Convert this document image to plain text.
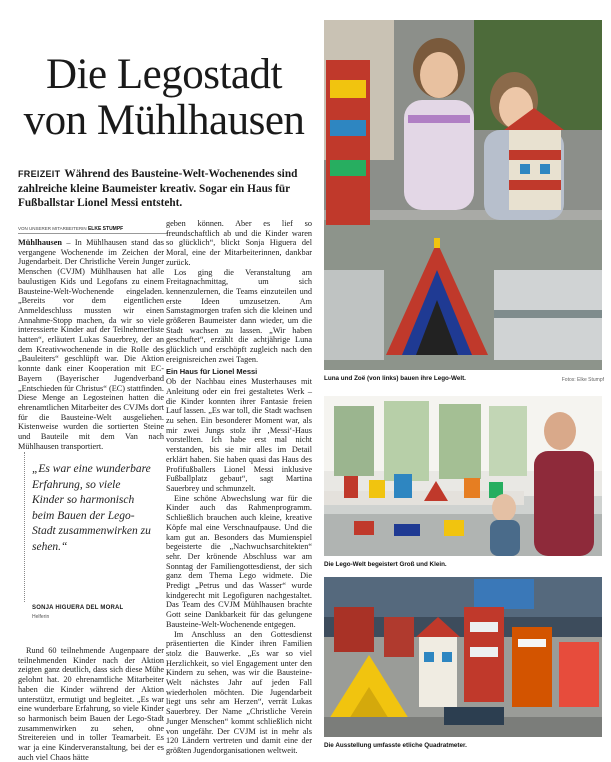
Die Legostadt von Mühlhausen
FREIZEIT Während des Bausteine-Welt-Wochenendes sind zahlreiche kleine Baumeister kreativ. Sogar ein Haus für Fußballstar Lionel Messi entsteht.
VON UNSERER MITARBEITERIN ELKE STUMPF

Mühlhausen – In Mühlhausen stand das vergangene Wochenende im Zeichen der Jugendarbeit. Der Christliche Verein Junger Menschen (CVJM) Mühlhausen hat alle baulustigen Kids und Legofans zu einem Bausteine-Welt-Wochenende eingeladen. „Bereits vor dem eigentlichen Anmeldeschluss mussten wir einen Annahme-Stopp machen, da wir so viele interessierte Kinder auf der Teilnehmerliste hatten“, erläutert Lukas Sauerbrey, der an dem Kreativwochenende in die Rolle des „Bauleiters“ geschlüpft war. Die Aktion konnte dank einer Kooperation mit EC-Bayern (Bayerischer Jugendverband „Entschieden für Christus“ (EC) stattfinden. Diese Menge an Legosteinen hatten die ehrenamtlichen Mitarbeiter des CVJMs dort für die Bausteine-Welt ausgeliehen. Kistenweise wurden die sortierten Steine und Bauteile mit dem Van nach Mühlhausen transportiert.

„Es war eine wunderbare Erfahrung, so viele Kinder so harmonisch beim Bauen der Lego-Stadt zusammenwirken zu sehen.“
SONJA HIGUERA DEL MORAL
Helferin

Rund 60 teilnehmende Augenpaare der teilnehmenden Kinder nach der Aktion zeigten ganz deutlich, dass sich diese Mühe gelohnt hat. 20 ehrenamtliche Mitarbeiter haben die Kinder während der Aktion unterstützt, ermutigt und begleitet. „Es war eine wunderbare Erfahrung, so viele Kinder so harmonisch beim Bauen der Lego-Stadt zusammenwirken zu sehen, ohne Streitereien und in toller Teamarbeit. Es war ja eine Kinderveranstaltung, bei der es auch viel Chaos hätte

geben können. Aber es lief so freundschaftlich ab und die Kinder waren so glücklich“, blickt Sonja Higuera del Moral, eine der Mitarbeiterinnen, dankbar zurück.

Los ging die Veranstaltung am Freitagnachmittag, um sich kennenzulernen, die Teams einzuteilen und erste Ideen umzusetzen. Am Samstagmorgen trafen sich die kleinen und größeren Baumeister dann wieder, um die Stadt wachsen zu lassen. „Wir haben geschuftet“, erzählt die achtjährige Luna glücklich und erschöpft zugleich nach den ereignisreichen zwei Tagen.

Ein Haus für Lionel Messi

Ob der Nachbau eines Musterhauses mit Anleitung oder ein frei gestaltetes Werk – die Kinder konnten ihrer Fantasie freien Lauf lassen. „Es war toll, die Stadt wachsen zu sehen. Ein besonderer Moment war, als mir zwei Jungs stolz ihr ‚Messi‘-Haus vorstellten. Ich habe erst mal nicht verstanden, bis sie mir alles im Detail erklärt haben. Sie haben quasi das Haus des Profifußballers Lionel Messi inklusive Fußballplatz gebaut“, sagt Martina Sauerbrey und schmunzelt.

Eine schöne Abwechslung war für die Kinder auch das Rahmenprogramm. Schließlich brauchen auch kleine, kreative Köpfe mal eine Verschnaufpause. Und die kam gut an. Besonders das Mumienspiel begeisterte die „Nachwuchsarchitekten“ sehr. Der krönende Abschluss war am Sonntag der Familiengottesdienst, der sich ganz dem Thema Lego widmete. Die Predigt „Petrus und das Wasser“ wurde kindgerecht mit Legofiguren nachgestaltet. Das Team des CVJM Mühlhausen brachte Gott seine Dankbarkeit für das gelungene Bausteine-Welt-Wochenende entgegen.

Im Anschluss an den Gottesdienst präsentierten die Kinder ihren Familien stolz die Bauwerke. „Es war so viel Herzlichkeit, so viel Engagement unter den Kindern zu sehen, was wir die Bausteine-Welt nächstes Jahr auf jeden Fall wiederholen möchten. Die Jugendarbeit liegt uns sehr am Herzen“, verrät Lukas Sauerbrey. Der Name „Christliche Verein Junger Menschen“ kommt schließlich nicht von ungefähr. Der CVJM ist in mehr als 120 Ländern vertreten und damit eine der größten Jugendorganisationen weltweit.

Luna und Zoë (von links) bauen ihre Lego-Welt.	Fotos: Elke Stumpf
Die Lego-Welt begeistert Groß und Klein.
Die Ausstellung umfasste etliche Quadratmeter.
